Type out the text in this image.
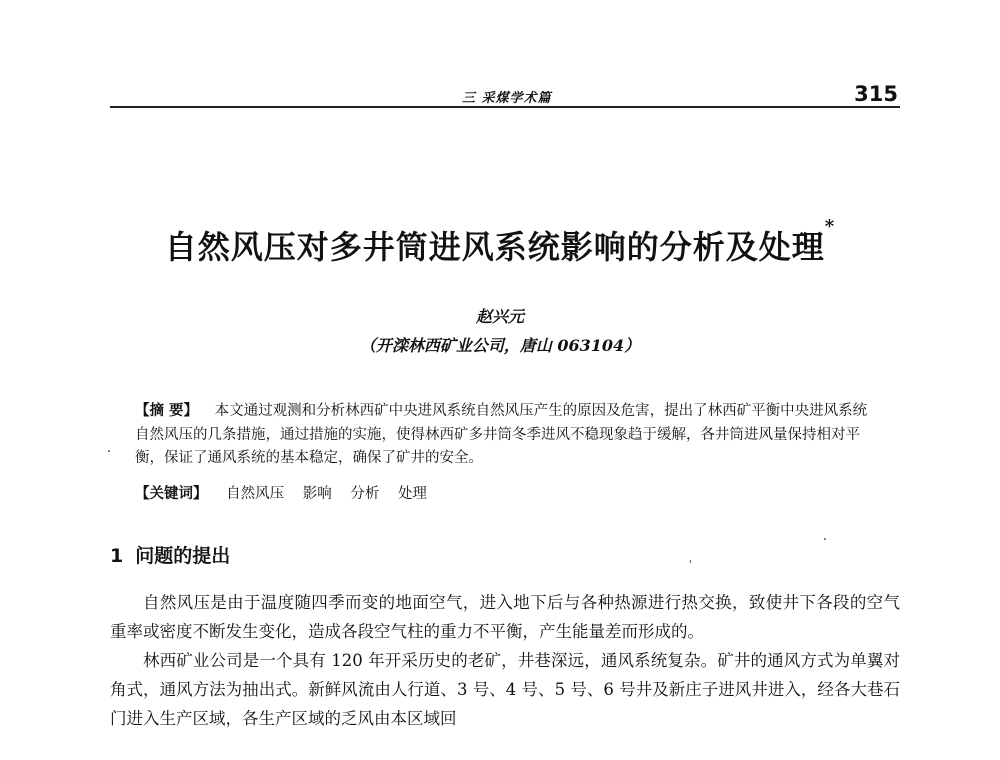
三 采煤学术篇	315
自然风压对多井筒进风系统影响的分析及处理*
赵兴元
（开滦林西矿业公司，唐山 063104）
【摘 要】 本文通过观测和分析林西矿中央进风系统自然风压产生的原因及危害，提出了林西矿平衡中央进风系统自然风压的几条措施，通过措施的实施，使得林西矿多井筒冬季进风不稳现象趋于缓解，各井筒进风量保持相对平衡，保证了通风系统的基本稳定，确保了矿井的安全。
【关键词】 自然风压 影响 分析 处理
1 问题的提出

自然风压是由于温度随四季而变的地面空气，进入地下后与各种热源进行热交换，致使井下各段的空气重率或密度不断发生变化，造成各段空气柱的重力不平衡，产生能量差而形成的。

林西矿业公司是一个具有 120 年开采历史的老矿，井巷深远，通风系统复杂。矿井的通风方式为单翼对角式，通风方法为抽出式。新鲜风流由人行道、3 号、4 号、5 号、6 号井及新庄子进风井进入，经各大巷石门进入生产区域，各生产区域的乏风由本区域回
